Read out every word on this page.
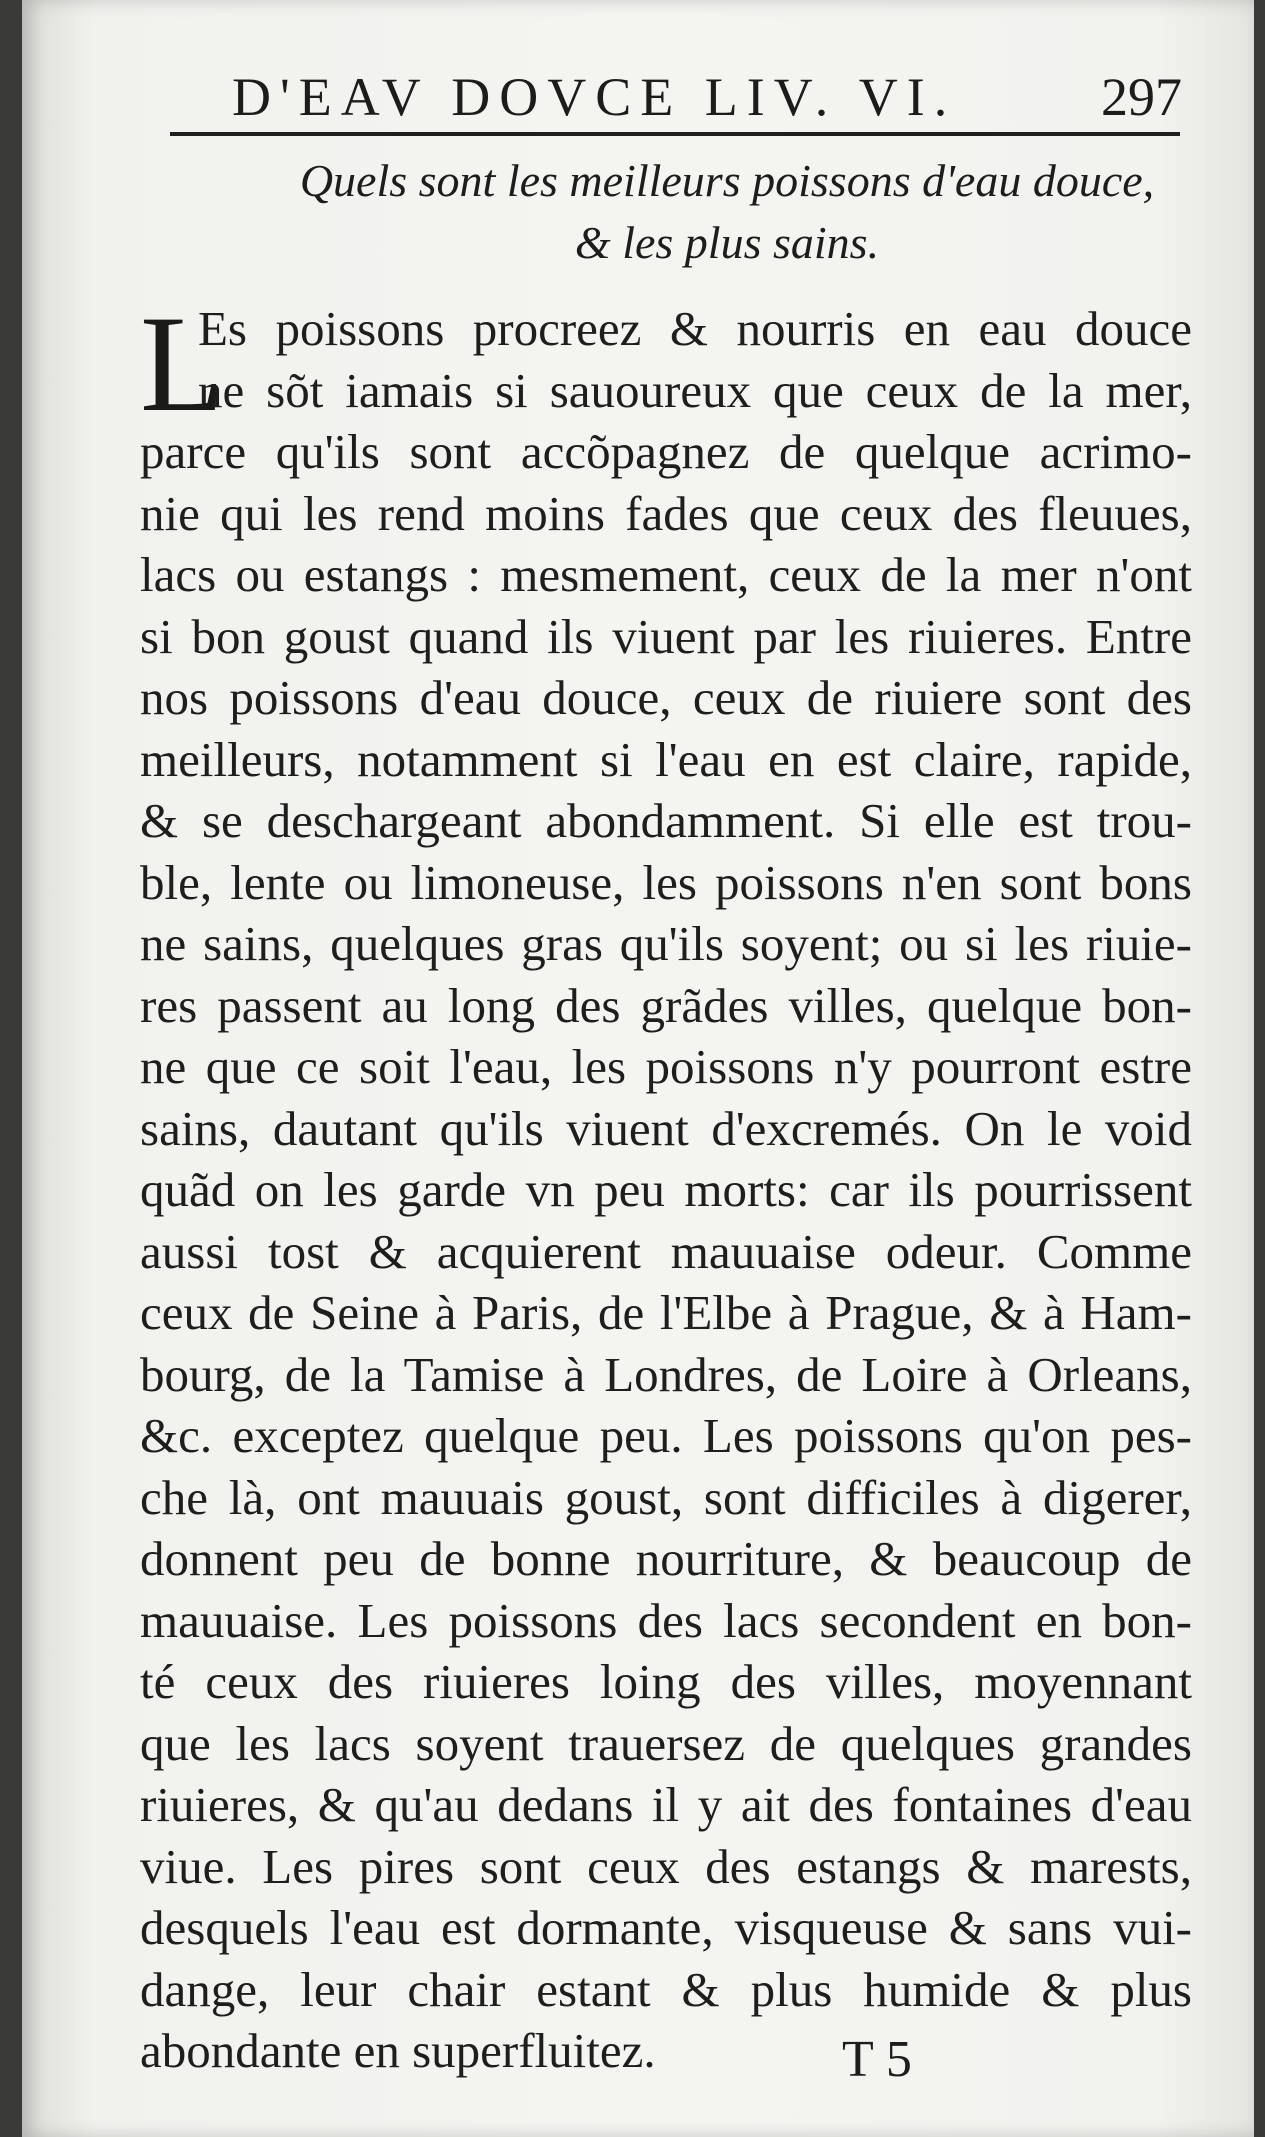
D'EAV DOVCE LIV. VI.	297
Quels sont les meilleurs poissons d'eau douce,
& les plus sains.
L
Es poissons procreez & nourris en eau douce
ne sõt iamais si sauoureux que ceux de la mer,
parce qu'ils sont accõpagnez de quelque acrimo-
nie qui les rend moins fades que ceux des fleuues,
lacs ou estangs : mesmement, ceux de la mer n'ont
si bon goust quand ils viuent par les riuieres. Entre
nos poissons d'eau douce, ceux de riuiere sont des
meilleurs, notamment si l'eau en est claire, rapide,
& se deschargeant abondamment. Si elle est trou-
ble, lente ou limoneuse, les poissons n'en sont bons
ne sains, quelques gras qu'ils soyent; ou si les riuie-
res passent au long des grãdes villes, quelque bon-
ne que ce soit l'eau, les poissons n'y pourront estre
sains, dautant qu'ils viuent d'excremés. On le void
quãd on les garde vn peu morts: car ils pourrissent
aussi tost & acquierent mauuaise odeur. Comme
ceux de Seine à Paris, de l'Elbe à Prague, & à Ham-
bourg, de la Tamise à Londres, de Loire à Orleans,
&c. exceptez quelque peu. Les poissons qu'on pes-
che là, ont mauuais goust, sont difficiles à digerer,
donnent peu de bonne nourriture, & beaucoup de
mauuaise. Les poissons des lacs secondent en bon-
té ceux des riuieres loing des villes, moyennant
que les lacs soyent trauersez de quelques grandes
riuieres, & qu'au dedans il y ait des fontaines d'eau
viue. Les pires sont ceux des estangs & marests,
desquels l'eau est dormante, visqueuse & sans vui-
dange, leur chair estant & plus humide & plus
abondante en superfluitez.	T 5
